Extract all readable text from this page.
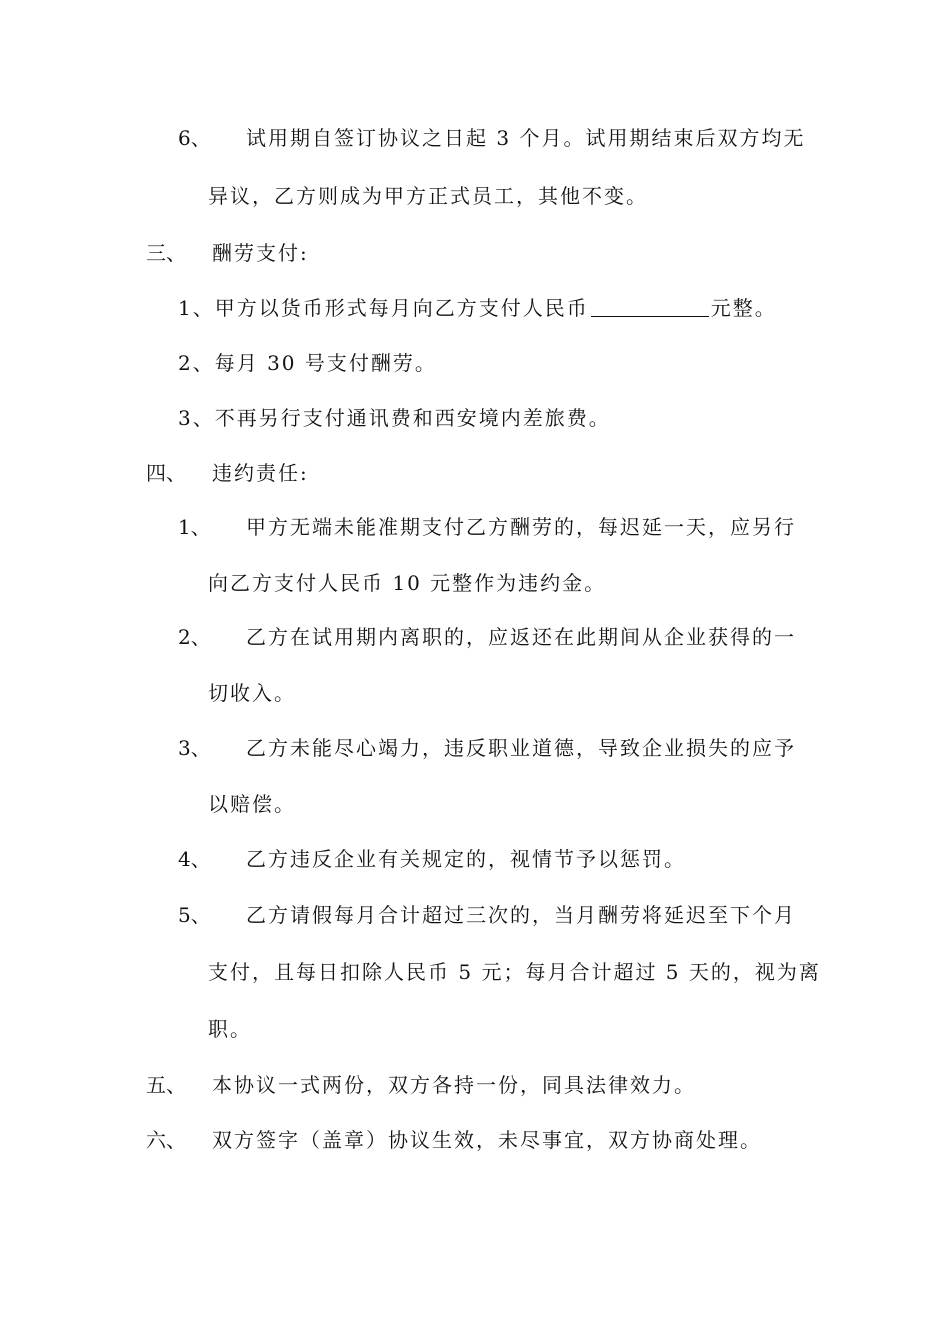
6、 试用期自签订协议之日起 3 个月。试用期结束后双方均无
异议，乙方则成为甲方正式员工，其他不变。
三、 酬劳支付:
1、甲方以货币形式每月向乙方支付人民币	元整。
2、每月 30 号支付酬劳。
3、不再另行支付通讯费和西安境内差旅费。
四、 违约责任:
1、 甲方无端未能准期支付乙方酬劳的，每迟延一天，应另行
向乙方支付人民币 10 元整作为违约金。
2、 乙方在试用期内离职的，应返还在此期间从企业获得的一
切收入。
3、 乙方未能尽心竭力，违反职业道德，导致企业损失的应予
以赔偿。
4、 乙方违反企业有关规定的，视情节予以惩罚。
5、 乙方请假每月合计超过三次的，当月酬劳将延迟至下个月
支付，且每日扣除人民币 5 元；每月合计超过 5 天的，视为离
职。
五、 本协议一式两份，双方各持一份，同具法律效力。
六、 双方签字（盖章）协议生效，未尽事宜，双方协商处理。
